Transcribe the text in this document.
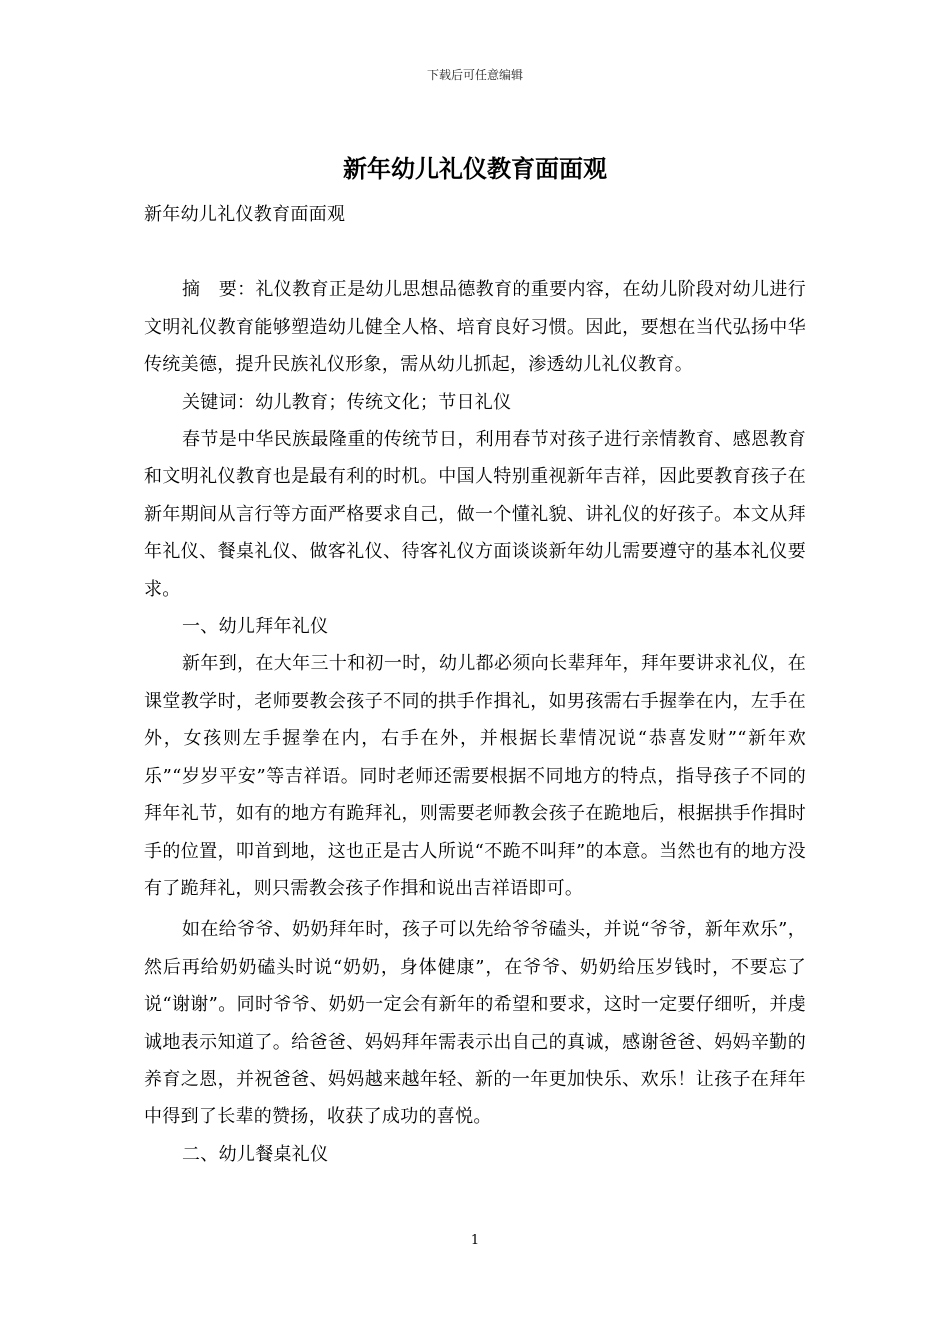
下载后可任意编辑
新年幼儿礼仪教育面面观

新年幼儿礼仪教育面面观

摘　要：礼仪教育正是幼儿思想品德教育的重要内容，在幼儿阶段对幼儿进行文明礼仪教育能够塑造幼儿健全人格、培育良好习惯。因此，要想在当代弘扬中华传统美德，提升民族礼仪形象，需从幼儿抓起，渗透幼儿礼仪教育。

关键词：幼儿教育；传统文化；节日礼仪

春节是中华民族最隆重的传统节日，利用春节对孩子进行亲情教育、感恩教育和文明礼仪教育也是最有利的时机。中国人特别重视新年吉祥，因此要教育孩子在新年期间从言行等方面严格要求自己，做一个懂礼貌、讲礼仪的好孩子。本文从拜年礼仪、餐桌礼仪、做客礼仪、待客礼仪方面谈谈新年幼儿需要遵守的基本礼仪要求。

一、幼儿拜年礼仪

新年到，在大年三十和初一时，幼儿都必须向长辈拜年，拜年要讲求礼仪，在课堂教学时，老师要教会孩子不同的拱手作揖礼，如男孩需右手握拳在内，左手在外，女孩则左手握拳在内，右手在外，并根据长辈情况说“恭喜发财”“新年欢乐”“岁岁平安”等吉祥语。同时老师还需要根据不同地方的特点，指导孩子不同的拜年礼节，如有的地方有跪拜礼，则需要老师教会孩子在跪地后，根据拱手作揖时手的位置，叩首到地，这也正是古人所说“不跪不叫拜”的本意。当然也有的地方没有了跪拜礼，则只需教会孩子作揖和说出吉祥语即可。

如在给爷爷、奶奶拜年时，孩子可以先给爷爷磕头，并说“爷爷，新年欢乐”，然后再给奶奶磕头时说“奶奶，身体健康”，在爷爷、奶奶给压岁钱时，不要忘了说“谢谢”。同时爷爷、奶奶一定会有新年的希望和要求，这时一定要仔细听，并虔诚地表示知道了。给爸爸、妈妈拜年需表示出自己的真诚，感谢爸爸、妈妈辛勤的养育之恩，并祝爸爸、妈妈越来越年轻、新的一年更加快乐、欢乐！让孩子在拜年中得到了长辈的赞扬，收获了成功的喜悦。

二、幼儿餐桌礼仪

1
